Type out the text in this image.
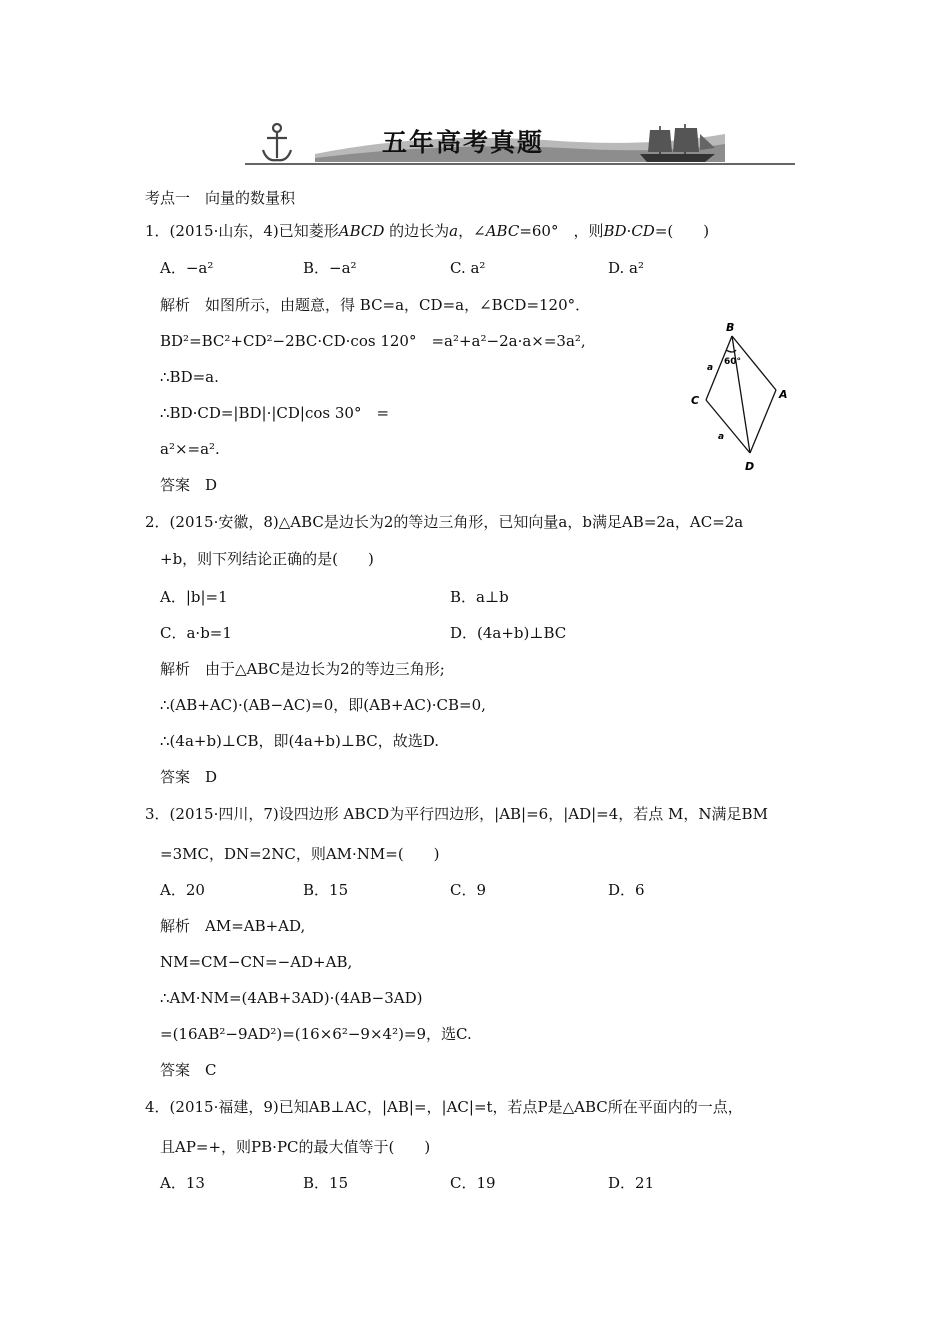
五年高考真题
考点一　向量的数量积
1．(2015·山东，4)已知菱形ABCD 的边长为a，∠ABC=60°　，则BD·CD=(　　)
A．−a²	B．−a²	C. a²	D. a²
解析　如图所示，由题意，得 BC=a，CD=a，∠BCD=120°．
BD²=BC²+CD²−2BC·CD·cos 120°　=a²+a²−2a·a×=3a²,
∴BD=a.
∴BD·CD=|BD|·|CD|cos 30°　=
a²×=a².
答案　D
B
A
C
D
60°
a
a
2．(2015·安徽，8)△ABC是边长为2的等边三角形，已知向量a，b满足AB=2a，AC=2a
+b，则下列结论正确的是(　　)
A．|b|=1	B．a⊥b
C．a·b=1	D．(4a+b)⊥BC
解析　由于△ABC是边长为2的等边三角形;
∴(AB+AC)·(AB−AC)=0，即(AB+AC)·CB=0,
∴(4a+b)⊥CB，即(4a+b)⊥BC，故选D.
答案　D
3．(2015·四川，7)设四边形 ABCD为平行四边形，|AB|=6，|AD|=4，若点 M，N满足BM
=3MC，DN=2NC，则AM·NM=(　　)
A．20	B．15	C．9	D．6
解析　AM=AB+AD,
NM=CM−CN=−AD+AB,
∴AM·NM=(4AB+3AD)·(4AB−3AD)
=(16AB²−9AD²)=(16×6²−9×4²)=9，选C.
答案　C
4．(2015·福建，9)已知AB⊥AC，|AB|=，|AC|=t，若点P是△ABC所在平面内的一点，
且AP=+，则PB·PC的最大值等于(　　)
A．13	B．15	C．19	D．21
